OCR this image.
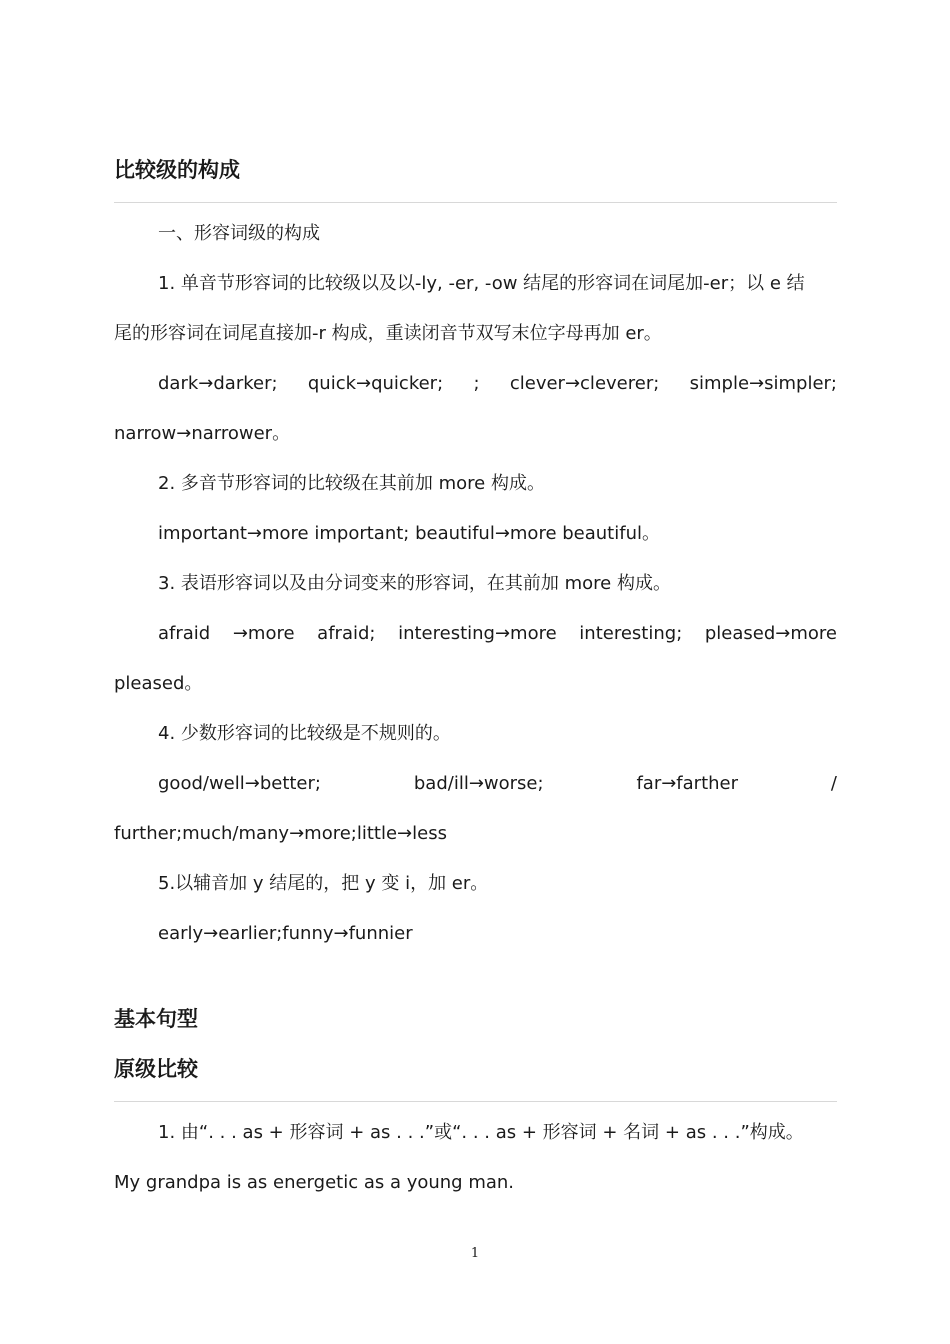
比较级的构成

一、形容词级的构成

1. 单音节形容词的比较级以及以-ly, -er, -ow 结尾的形容词在词尾加-er；以 e 结

尾的形容词在词尾直接加-r 构成，重读闭音节双写末位字母再加 er。

dark→darker; quick→quicker; ; clever→cleverer; simple→simpler;

narrow→narrower。

2. 多音节形容词的比较级在其前加 more 构成。

important→more important; beautiful→more beautiful。

3. 表语形容词以及由分词变来的形容词，在其前加 more 构成。

afraid →more afraid; interesting→more interesting; pleased→more

pleased。

4. 少数形容词的比较级是不规则的。

good/well→better;	bad/ill→worse;	far→farther	/

further;much/many→more;little→less

5.以辅音加 y 结尾的，把 y 变 i，加 er。

early→earlier;funny→funnier

基本句型
原级比较

1. 由“. . . as + 形容词 + as . . .”或“. . . as + 形容词 + 名词 + as . . .”构成。

My grandpa is as energetic as a young man.

1
